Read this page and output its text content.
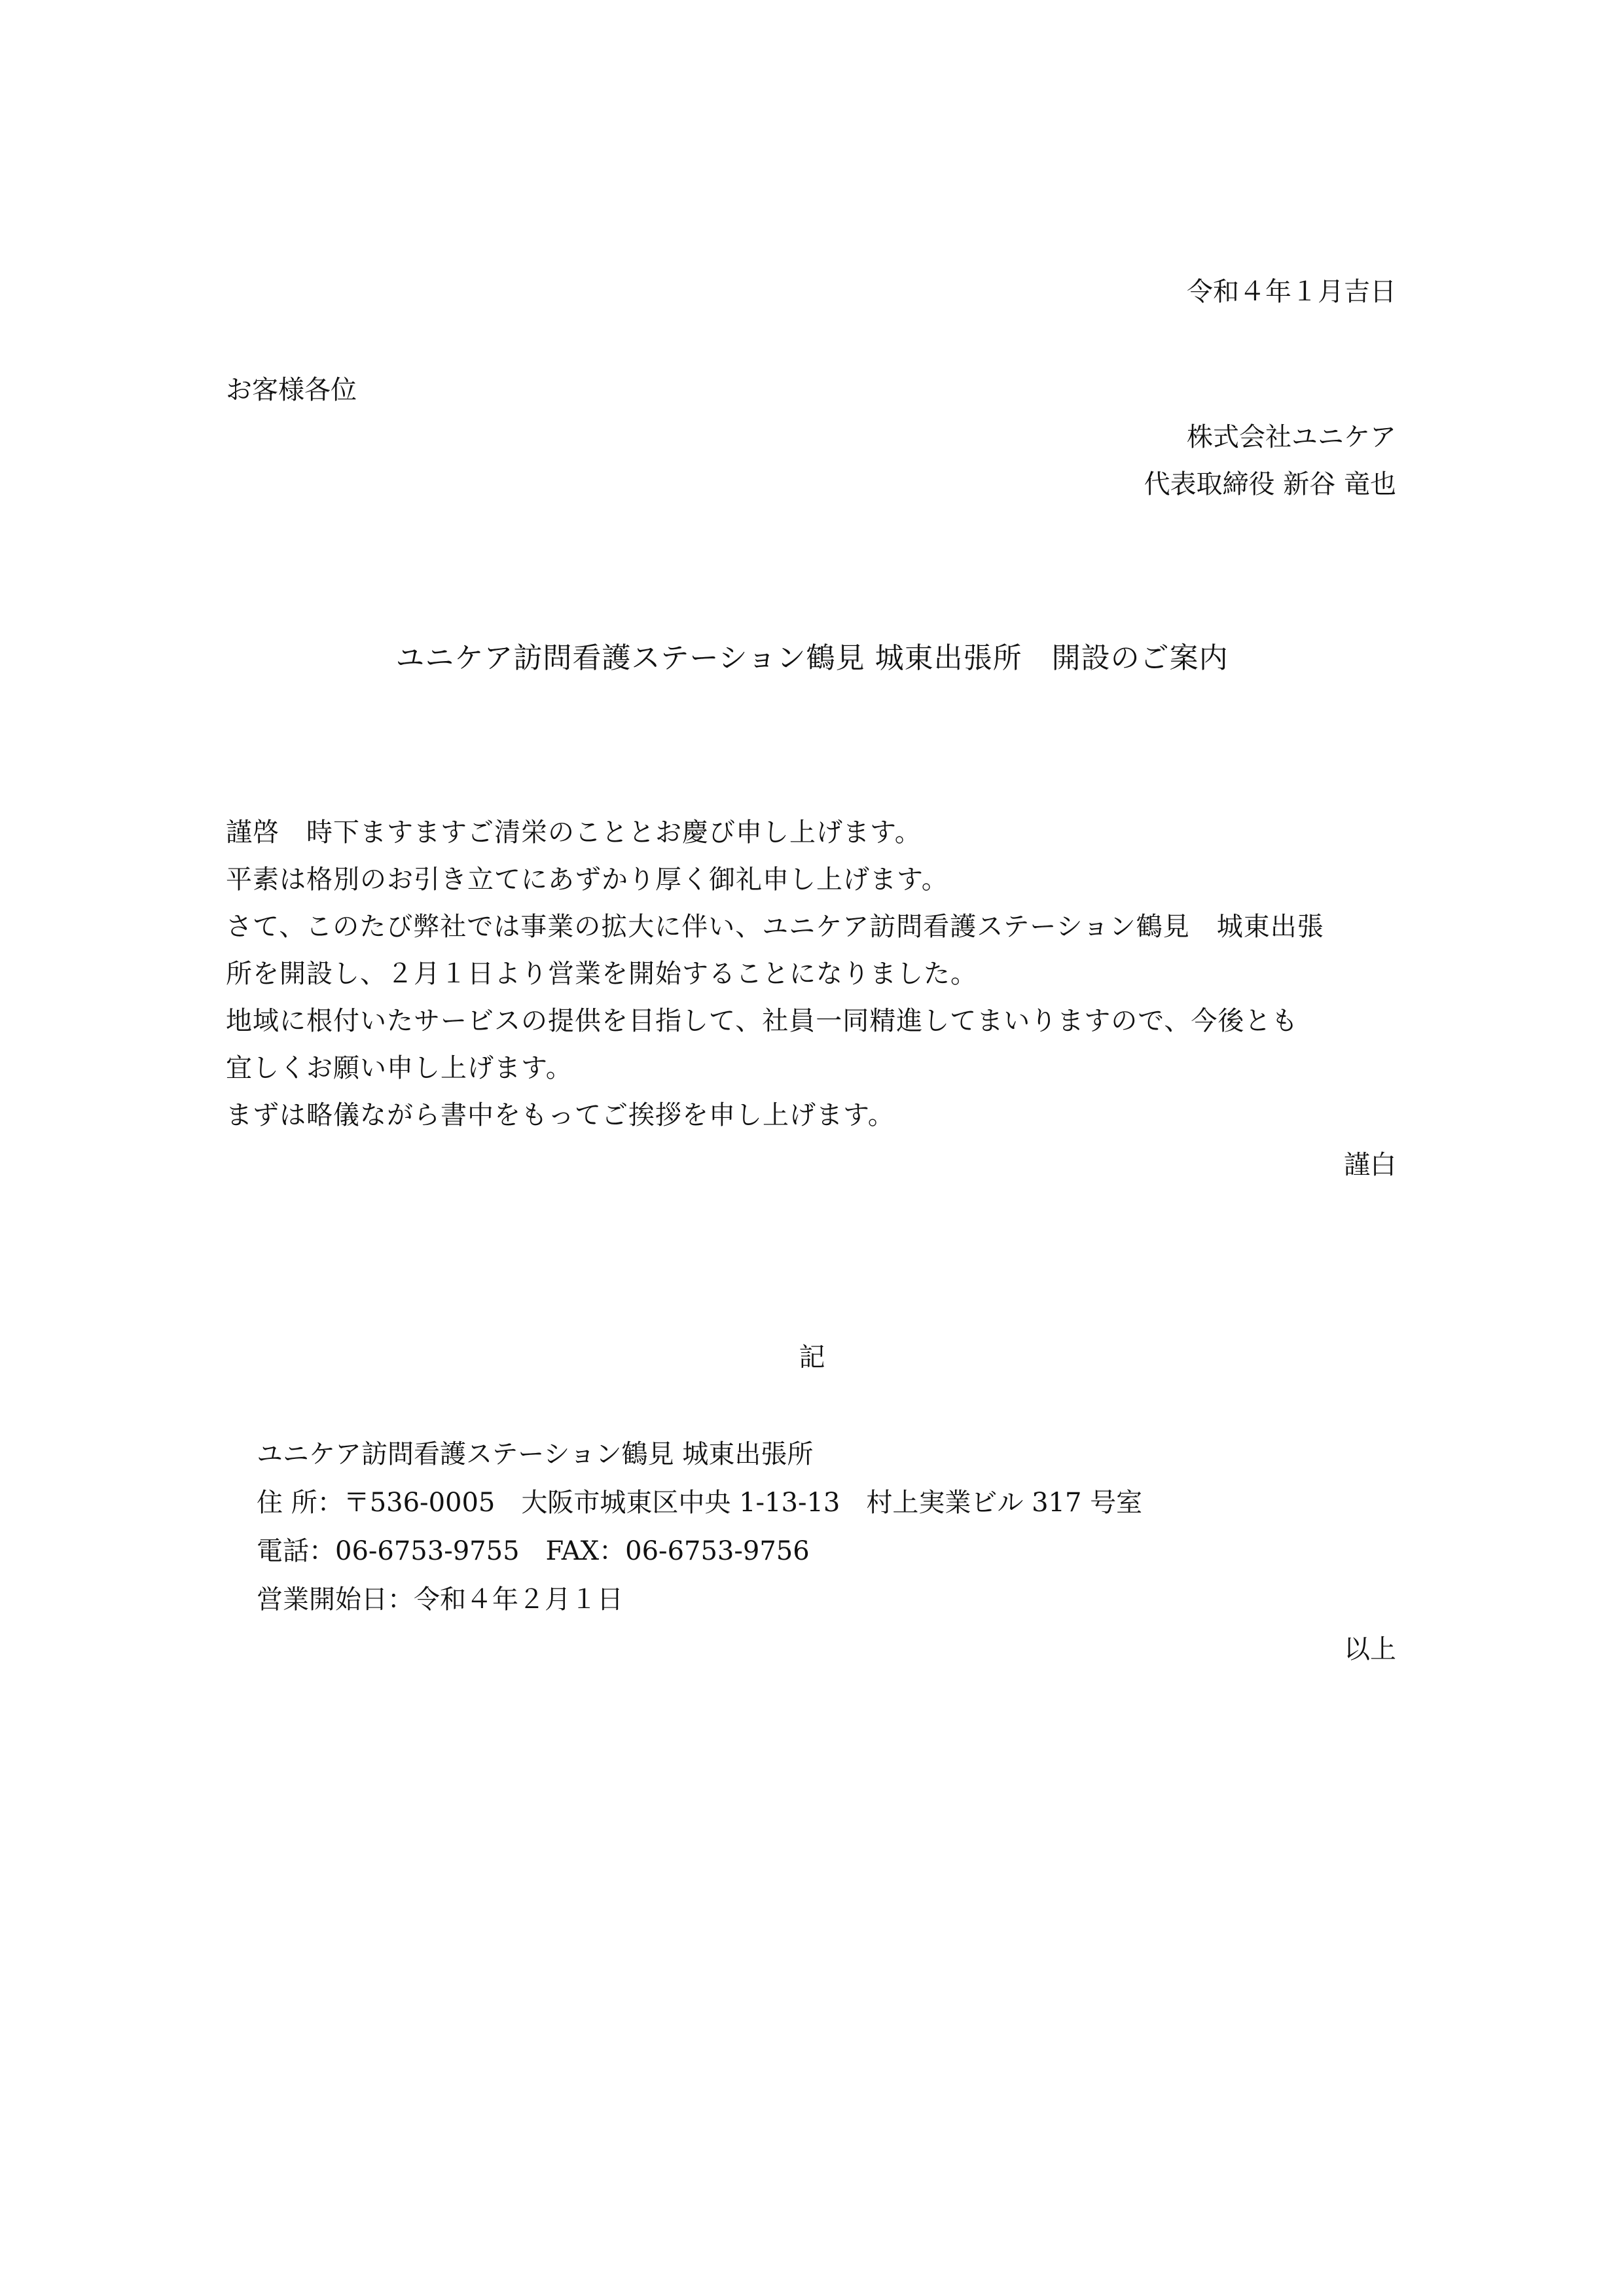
令和４年１月吉日
お客様各位
株式会社ユニケア
代表取締役 新谷 竜也
ユニケア訪問看護ステーション鶴見 城東出張所　開設のご案内
謹啓　時下ますますご清栄のこととお慶び申し上げます。
平素は格別のお引き立てにあずかり厚く御礼申し上げます。
さて、このたび弊社では事業の拡大に伴い、ユニケア訪問看護ステーション鶴見　城東出張
所を開設し、２月１日より営業を開始することになりました。
地域に根付いたサービスの提供を目指して、社員一同精進してまいりますので、今後とも
宜しくお願い申し上げます。
まずは略儀ながら書中をもってご挨拶を申し上げます。
謹白
記
ユニケア訪問看護ステーション鶴見 城東出張所
住 所：〒536-0005　大阪市城東区中央 1-13-13　村上実業ビル 317 号室
電話：06-6753-9755　FAX：06-6753-9756
営業開始日：令和４年２月１日
以上
